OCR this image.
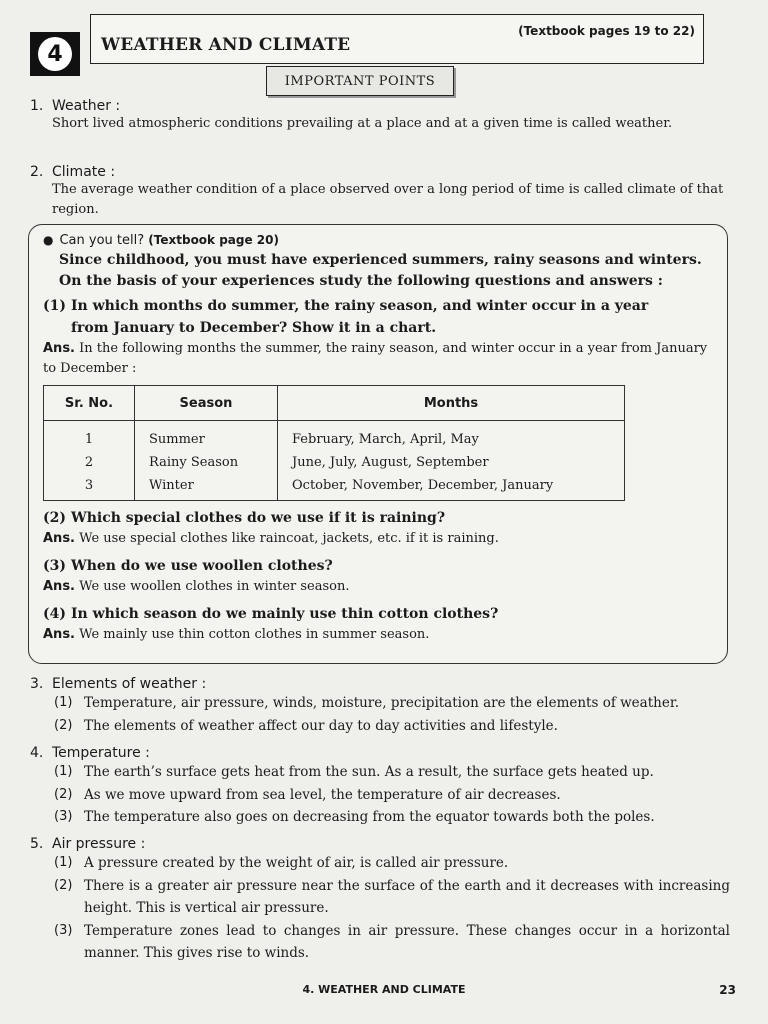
4	WEATHER AND CLIMATE
(Textbook pages 19 to 22)
IMPORTANT POINTS
1. Weather :
Short lived atmospheric conditions prevailing at a place and at a given time is called weather.
2. Climate :
The average weather condition of a place observed over a long period of time is called climate of that region.
● Can you tell? (Textbook page 20)
Since childhood, you must have experienced summers, rainy seasons and winters. On the basis of your experiences study the following questions and answers :
(1) In which months do summer, the rainy season, and winter occur in a year
from January to December? Show it in a chart.
Ans. In the following months the summer, the rainy season, and winter occur in a year from January to December :
Sr. No.	Season	Months
1	Summer	February, March, April, May
2	Rainy Season	June, July, August, September
3	Winter	October, November, December, January
(2) Which special clothes do we use if it is raining?
Ans. We use special clothes like raincoat, jackets, etc. if it is raining.
(3) When do we use woollen clothes?
Ans. We use woollen clothes in winter season.
(4) In which season do we mainly use thin cotton clothes?
Ans. We mainly use thin cotton clothes in summer season.
3. Elements of weather :
(1) Temperature, air pressure, winds, moisture, precipitation are the elements of weather.
(2) The elements of weather affect our day to day activities and lifestyle.
4. Temperature :
(1) The earth’s surface gets heat from the sun. As a result, the surface gets heated up.
(2) As we move upward from sea level, the temperature of air decreases.
(3) The temperature also goes on decreasing from the equator towards both the poles.
5. Air pressure :
(1) A pressure created by the weight of air, is called air pressure.
(2) There is a greater air pressure near the surface of the earth and it decreases with increasing height. This is vertical air pressure.
(3) Temperature zones lead to changes in air pressure. These changes occur in a horizontal manner. This gives rise to winds.
4. WEATHER AND CLIMATE	23
